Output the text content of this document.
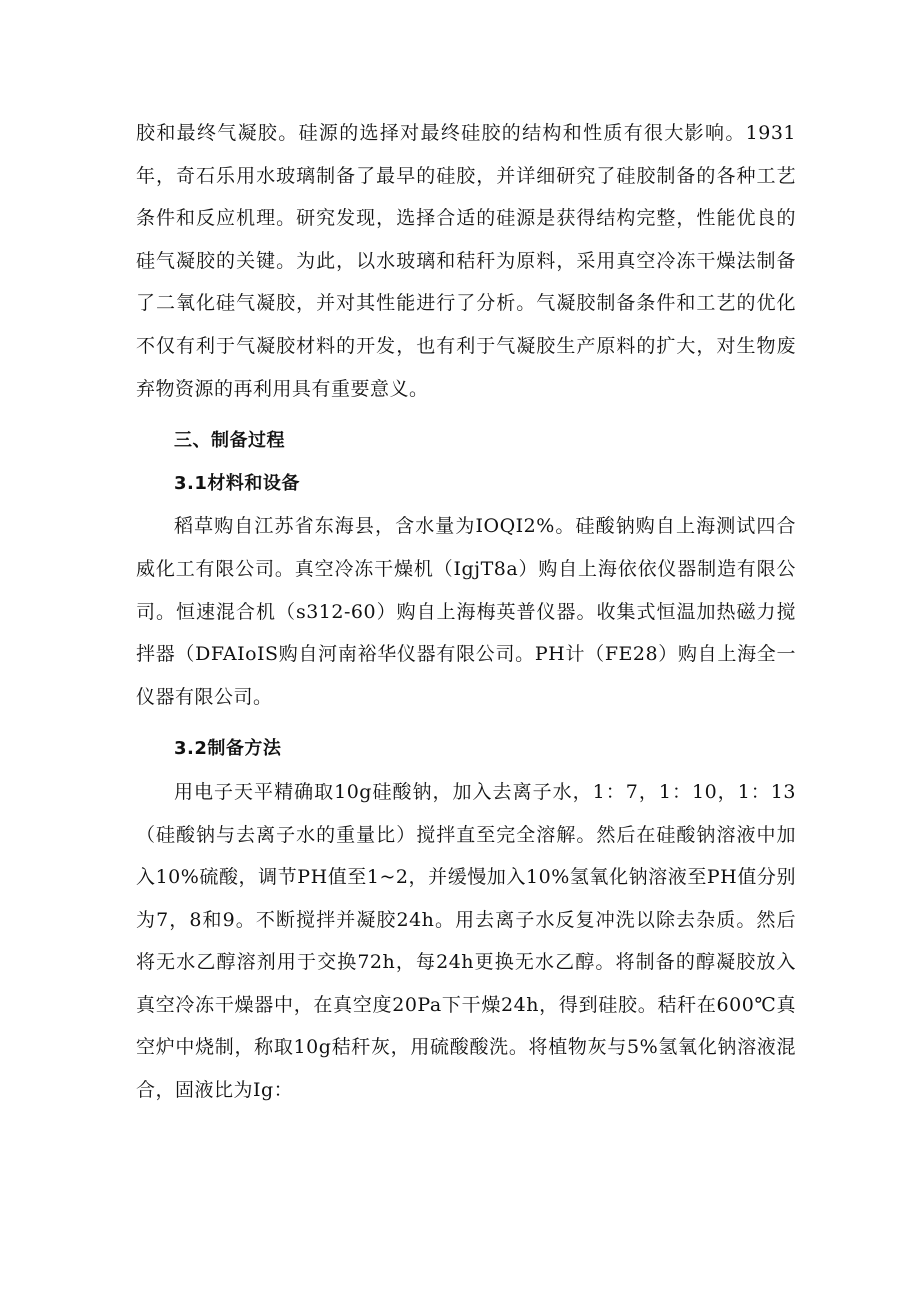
胶和最终气凝胶。硅源的选择对最终硅胶的结构和性质有很大影响。1931年，奇石乐用水玻璃制备了最早的硅胶，并详细研究了硅胶制备的各种工艺条件和反应机理。研究发现，选择合适的硅源是获得结构完整，性能优良的硅气凝胶的关键。为此，以水玻璃和秸秆为原料，采用真空冷冻干燥法制备了二氧化硅气凝胶，并对其性能进行了分析。气凝胶制备条件和工艺的优化不仅有利于气凝胶材料的开发，也有利于气凝胶生产原料的扩大，对生物废弃物资源的再利用具有重要意义。

三、制备过程
3.1材料和设备

稻草购自江苏省东海县，含水量为IOQI2%。硅酸钠购自上海测试四合威化工有限公司。真空冷冻干燥机（IgjT8a）购自上海依依仪器制造有限公司。恒速混合机（s312-60）购自上海梅英普仪器。收集式恒温加热磁力搅拌器（DFAIoIS购自河南裕华仪器有限公司。PH计（FE28）购自上海全一仪器有限公司。

3.2制备方法

用电子天平精确取10g硅酸钠，加入去离子水，1：7，1：10，1：13（硅酸钠与去离子水的重量比）搅拌直至完全溶解。然后在硅酸钠溶液中加入10%硫酸，调节PH值至1~2，并缓慢加入10%氢氧化钠溶液至PH值分别为7，8和9。不断搅拌并凝胶24h。用去离子水反复冲洗以除去杂质。然后将无水乙醇溶剂用于交换72h，每24h更换无水乙醇。将制备的醇凝胶放入真空冷冻干燥器中，在真空度20Pa下干燥24h，得到硅胶。秸秆在600℃真空炉中烧制，称取10g秸秆灰，用硫酸酸洗。将植物灰与5%氢氧化钠溶液混合，固液比为Ig：
